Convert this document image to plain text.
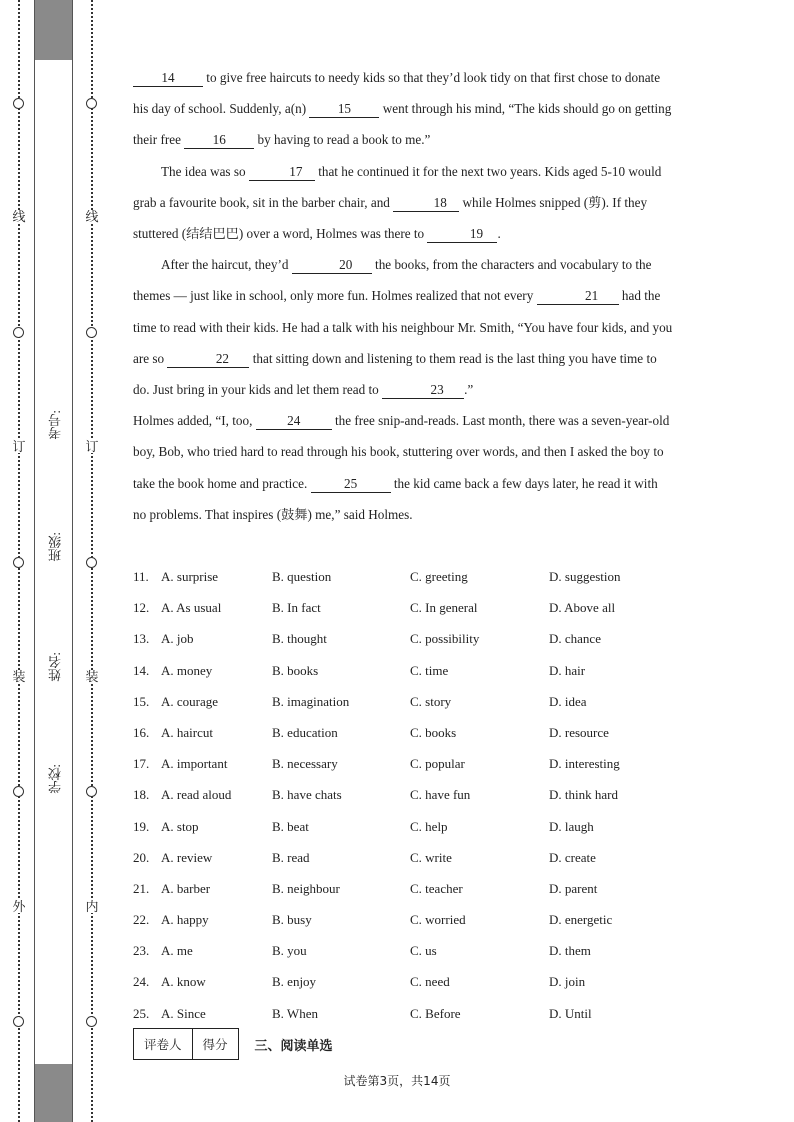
线
订
装
外
线
订
装
内
考号:
班级:
姓名:
学校:

14 to give free haircuts to needy kids so that they’d look tidy on that first chose to donate his day of school. Suddenly, a(n) 15 went through his mind, “The kids should go on getting their free 16 by having to read a book to me.”

The idea was so	17 that he continued it for the next two years. Kids aged 5-10 would grab a favourite book, sit in the barber chair, and	18 while Holmes snipped (剪). If they stuttered (结结巴巴) over a word, Holmes was there to	19 .

After the haircut, they’d	20 the books, from the characters and vocabulary to the themes — just like in school, only more fun. Holmes realized that not every	21 had the time to read with their kids. He had a talk with his neighbour Mr. Smith, “You have four kids, and you are so	22 that sitting down and listening to them read is the last thing you have time to do. Just bring in your kids and let them read to	23 .”

Holmes added, “I, too,	24	the free snip-and-reads. Last month, there was a seven-year-old boy, Bob, who tried hard to read through his book, stuttering over words, and then I asked the boy to take the book home and practice.	25	the kid came back a few days later, he read it with no problems. That inspires (鼓舞) me,” said Holmes.

11. A. surprise	B. question	C. greeting	D. suggestion
12. A. As usual	B. In fact	C. In general	D. Above all
13. A. job	B. thought	C. possibility	D. chance
14. A. money	B. books	C. time	D. hair
15. A. courage	B. imagination	C. story	D. idea
16. A. haircut	B. education	C. books	D. resource
17. A. important	B. necessary	C. popular	D. interesting
18. A. read aloud	B. have chats	C. have fun	D. think hard
19. A. stop	B. beat	C. help	D. laugh
20. A. review	B. read	C. write	D. create
21. A. barber	B. neighbour	C. teacher	D. parent
22. A. happy	B. busy	C. worried	D. energetic
23. A. me	B. you	C. us	D. them
24. A. know	B. enjoy	C. need	D. join
25. A. Since	B. When	C. Before	D. Until
评卷人	得分 三、阅读单选
试卷第3页，共14页
